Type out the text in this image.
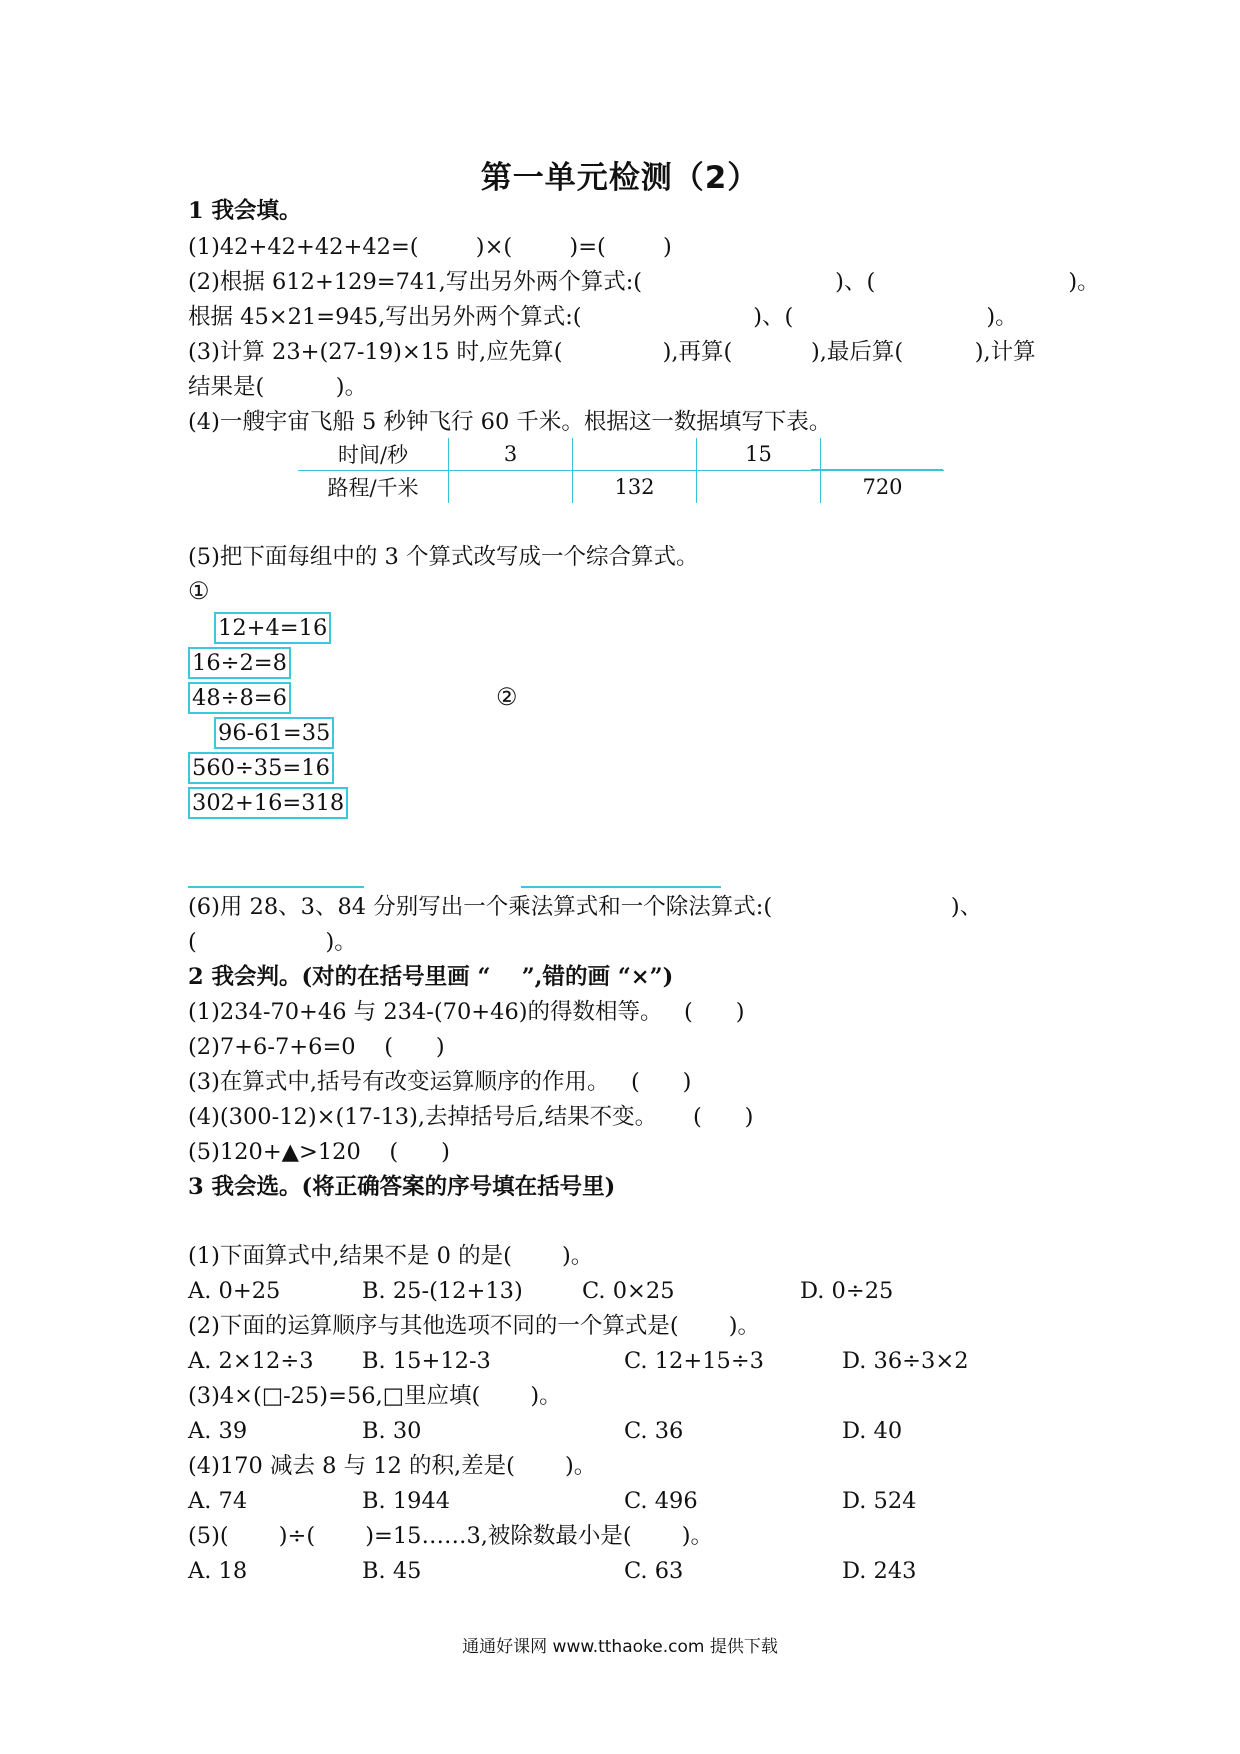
第一单元检测（2）
1 我会填。
(1)42+42+42+42=(        )×(        )=(        )
(2)根据 612+129=741,写出另外两个算式:(                           )、(                           )。
根据 45×21=945,写出另外两个算式:(                        )、(                           )。
(3)计算 23+(27-19)×15 时,应先算(              ),再算(           ),最后算(          ),计算
结果是(          )。
(4)一艘宇宙飞船 5 秒钟飞行 60 千米。根据这一数据填写下表。
时间/秒	3		15	
路程/千米		132		720
(5)把下面每组中的 3 个算式改写成一个综合算式。
①
②
12+4=16
16÷2=8
48÷8=6
96-61=35
560÷35=16
302+16=318
(6)用 28、3、84 分别写出一个乘法算式和一个除法算式:(                         )、
(                  )。
2 我会判。(对的在括号里画 “    ”,错的画 “×”)
(1)234-70+46 与 234-(70+46)的得数相等。   (      )
(2)7+6-7+6=0    (      )
(3)在算式中,括号有改变运算顺序的作用。   (      )
(4)(300-12)×(17-13),去掉括号后,结果不变。     (      )
(5)120+▲>120    (      )
3 我会选。(将正确答案的序号填在括号里)
(1)下面算式中,结果不是 0 的是(       )。
A. 0+25	B. 25-(12+13)	C. 0×25	D. 0÷25
(2)下面的运算顺序与其他选项不同的一个算式是(       )。
A. 2×12÷3 B. 15+12-3	C. 12+15÷3	D. 36÷3×2
(3)4×(□-25)=56,□里应填(       )。
A. 39	B. 30	C. 36	D. 40
(4)170 减去 8 与 12 的积,差是(       )。
A. 74	B. 1944	C. 496	D. 524
(5)(       )÷(       )=15……3,被除数最小是(       )。
A. 18	B. 45	C. 63	D. 243
通通好课网 www.tthaoke.com 提供下载
